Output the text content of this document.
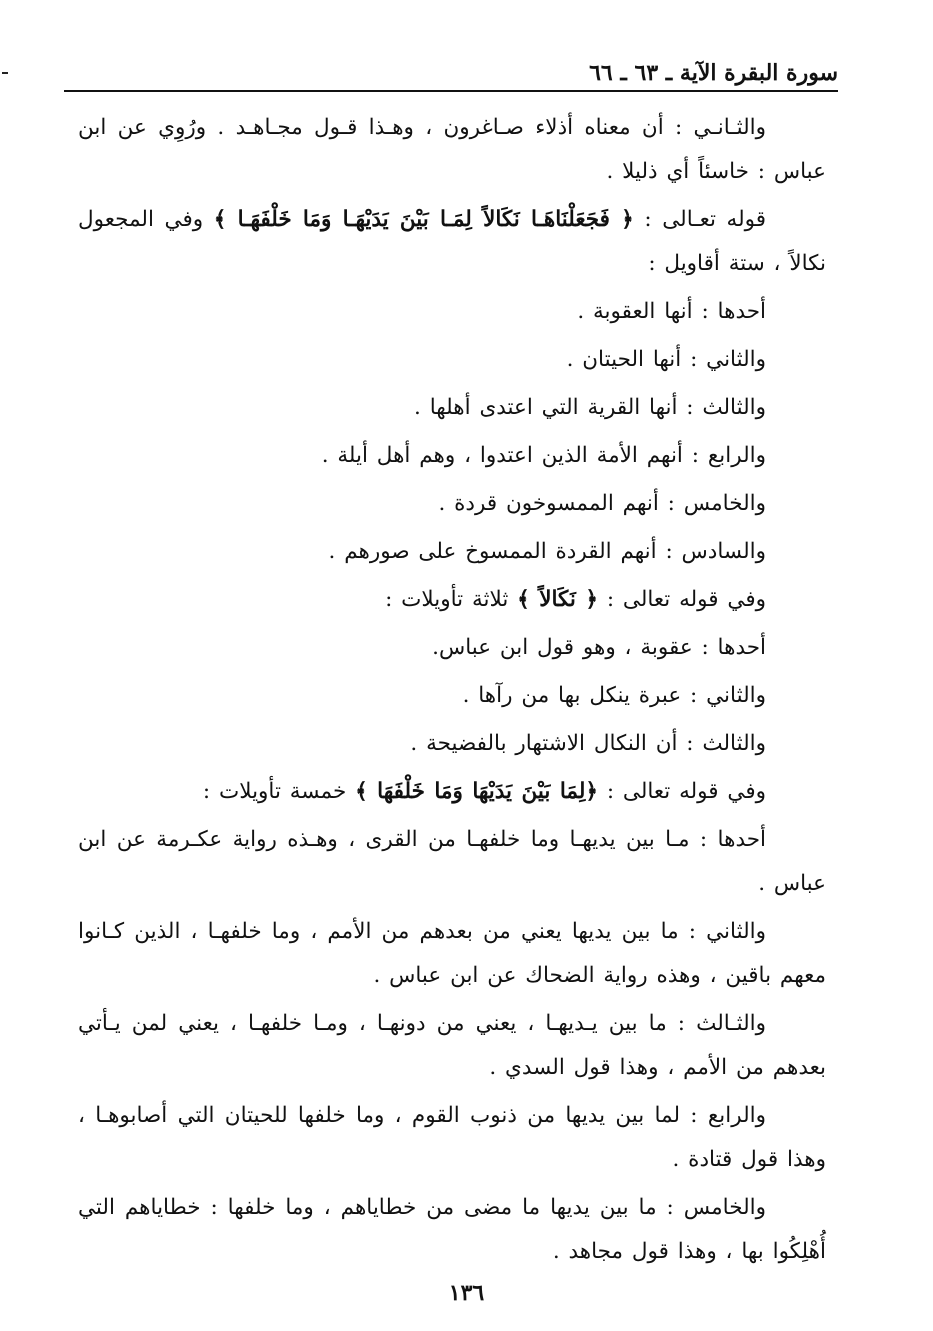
سورة البقرة الآية ـ ٦٣ ـ ٦٦
والثـانـي : أن معناه أذلاء صـاغرون ، وهـذا قـول مجـاهـد . ورُوِي عن ابن عباس : خاسئاً أي ذليلا .
قوله تعـالى : ﴿ فَجَعَلْنَاهَـا نَكَالاً لِمَـا بَيْنَ يَدَيْهَـا وَمَا خَلْفَهَـا ﴾ وفي المجعول نكالاً ، ستة أقاويل :
أحدها : أنها العقوبة .
والثاني : أنها الحيتان .
والثالث : أنها القرية التي اعتدى أهلها .
والرابع : أنهم الأمة الذين اعتدوا ، وهم أهل أيلة .
والخامس : أنهم الممسوخون قردة .
والسادس : أنهم القردة الممسوخ على صورهم .
وفي قوله تعالى : ﴿ نَكَالاً ﴾ ثلاثة تأويلات :
أحدها : عقوبة ، وهو قول ابن عباس.
والثاني : عبرة ينكل بها من رآها .
والثالث : أن النكال الاشتهار بالفضيحة .
وفي قوله تعالى : ﴿لِمَا بَيْنَ يَدَيْهَا وَمَا خَلْفَهَا ﴾ خمسة تأويلات :
أحدها : مـا بين يديهـا وما خلفهـا من القرى ، وهـذه رواية عكـرمة عن ابن عباس .
والثاني : ما بين يديها يعني من بعدهم من الأمم ، وما خلفهـا ، الذين كـانوا معهم باقين ، وهذه رواية الضحاك عن ابن عباس .
والثـالث : ما بين يـديهـا ، يعني من دونهـا ، ومـا خلفهـا ، يعني لمن يـأتي بعدهم من الأمم ، وهذا قول السدي .
والرابع : لما بين يديها من ذنوب القوم ، وما خلفها للحيتان التي أصابوهـا ، وهذا قول قتادة .
والخامس : ما بين يديها ما مضى من خطاياهم ، وما خلفها : خطاياهم التي أُهْلِكُوا بها ، وهذا قول مجاهد .
١٣٦
